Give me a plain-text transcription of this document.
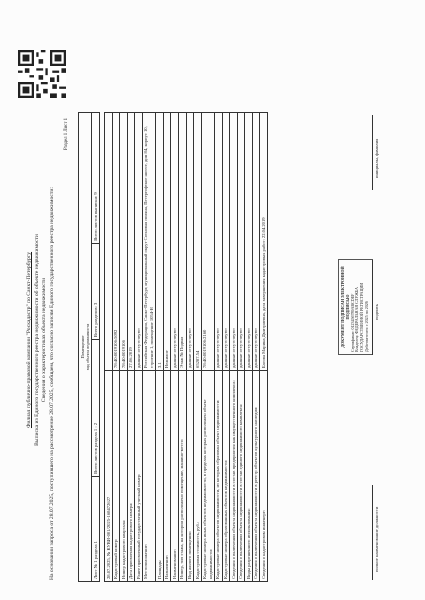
Филиал публично-правовой компании "Роскадастр" по Санкт-Петербургу Выписка из Единого государственного реестра недвижимости об объекте недвижимости Сведения о характеристиках объекта недвижимости На основании запроса от 28.07.2025, поступившего на рассмотрение 28.07.2025, сообщаем, что согласно записям Единого государственного реестра недвижимости:
Раздел 1 Лист 1
Помещение
вид объекта недвижимости
Лист № 1 раздела 1	Всего листов раздела 1 : 2	Всего разделов: 3	Всего листов выписки: 9
28.07.2025, № КУВИ-001/2025-168472627	
Кадастровый номер:	78:40:0019106:5092
Номер кадастрового квартала:	78:40:0019106
Дата присвоения кадастрового номера:	27.06.2019
Ранее присвоенный государственный учетный номер:	данные отсутствуют
Местоположение:	Российская Федерация, Санкт-Петербург, муниципальный округ Сосновая поляна, Петергофское шоссе, дом 84, корпус 10, строение 1, помещение 1054-Н
Площадь:	3.1
Назначение:	Нежилое
Наименование:	данные отсутствуют
Номер, тип этажа, на котором расположено помещение, машино-место:	Этаж № Подвал
Вид жилого помещения:	данные отсутствуют
Кадастровая стоимость, руб.:	65287.54
Кадастровые номера иных объектов недвижимости, в пределах которых расположен объект недвижимости:	78:40:0019106:2160
Кадастровые номера объектов недвижимости, из которых образован объект недвижимости:	данные отсутствуют
Кадастровые номера образованных объектов недвижимости:	данные отсутствуют
Сведения о включении объекта недвижимости в состав предприятия как имущественного комплекса:	данные отсутствуют
Сведения о включении объекта недвижимости в состав единого недвижимого комплекса:	данные отсутствуют
Виды разрешенного использования:	данные отсутствуют
Сведения о включении объекта недвижимости в реестр объектов культурного наследия:	данные отсутствуют
Сведения о кадастровом инженере:	Батова Марина Дмитриевна, дата завершения кадастровых работ: 22.04.2019	ДОКУМЕНТ ПОДПИСАН ЭЛЕКТРОННОЙ ПОДПИСЬЮ Сертификат: 0123456789ABCDEF Владелец: ФЕДЕРАЛЬНАЯ СЛУЖБА ГОСУДАРСТВЕННОЙ РЕГИСТРАЦИИ Действителен: с 2025 по 2026
полное наименование должности
подпись
инициалы, фамилия
